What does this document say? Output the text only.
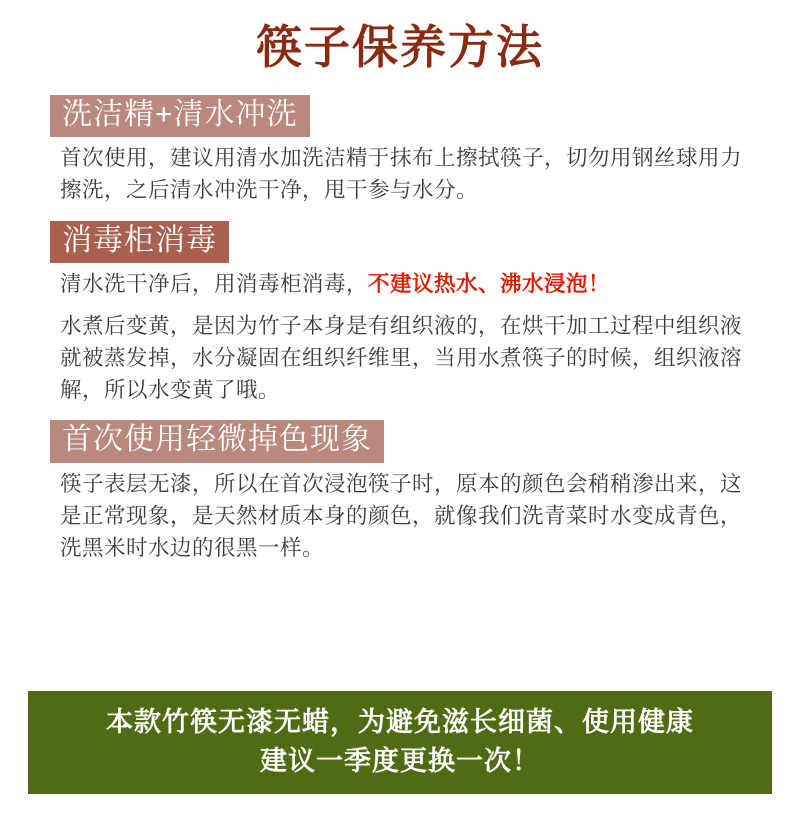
筷子保养方法
洗洁精+清水冲洗

首次使用，建议用清水加洗洁精于抹布上擦拭筷子，切勿用钢丝球用力擦洗，之后清水冲洗干净，甩干参与水分。

消毒柜消毒

清水洗干净后，用消毒柜消毒，不建议热水、沸水浸泡！

水煮后变黄，是因为竹子本身是有组织液的，在烘干加工过程中组织液就被蒸发掉，水分凝固在组织纤维里，当用水煮筷子的时候，组织液溶解，所以水变黄了哦。

首次使用轻微掉色现象

筷子表层无漆，所以在首次浸泡筷子时，原本的颜色会稍稍渗出来，这是正常现象，是天然材质本身的颜色，就像我们洗青菜时水变成青色，洗黑米时水边的很黑一样。

本款竹筷无漆无蜡，为避免滋长细菌、使用健康
建议一季度更换一次！
